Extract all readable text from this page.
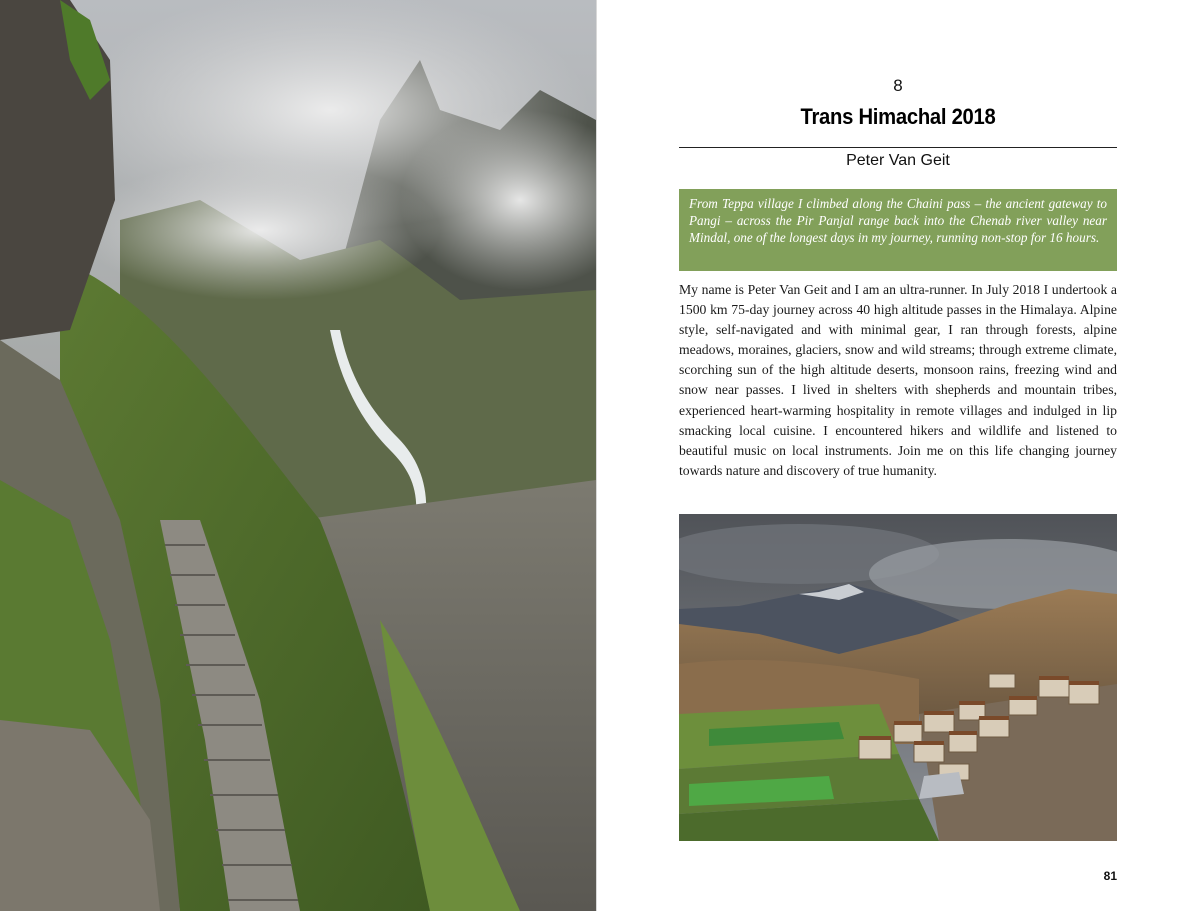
8
Trans Himachal 2018
Peter Van Geit
From Teppa village I climbed along the Chaini pass – the ancient gateway to Pangi – across the Pir Panjal range back into the Chenab river valley near Mindal, one of the longest days in my journey, running non-stop for 16 hours.

My name is Peter Van Geit and I am an ultra-runner. In July 2018 I undertook a 1500 km 75-day journey across 40 high altitude passes in the Himalaya. Alpine style, self-navigated and with minimal gear, I ran through forests, alpine meadows, moraines, glaciers, snow and wild streams; through extreme climate, scorching sun of the high altitude deserts, monsoon rains, freezing wind and snow near passes. I lived in shelters with shepherds and mountain tribes, experienced heart-warming hospitality in remote villages and indulged in lip smacking local cuisine. I encountered hikers and wildlife and listened to beautiful music on local instruments. Join me on this life changing journey towards nature and discovery of true humanity.

81
